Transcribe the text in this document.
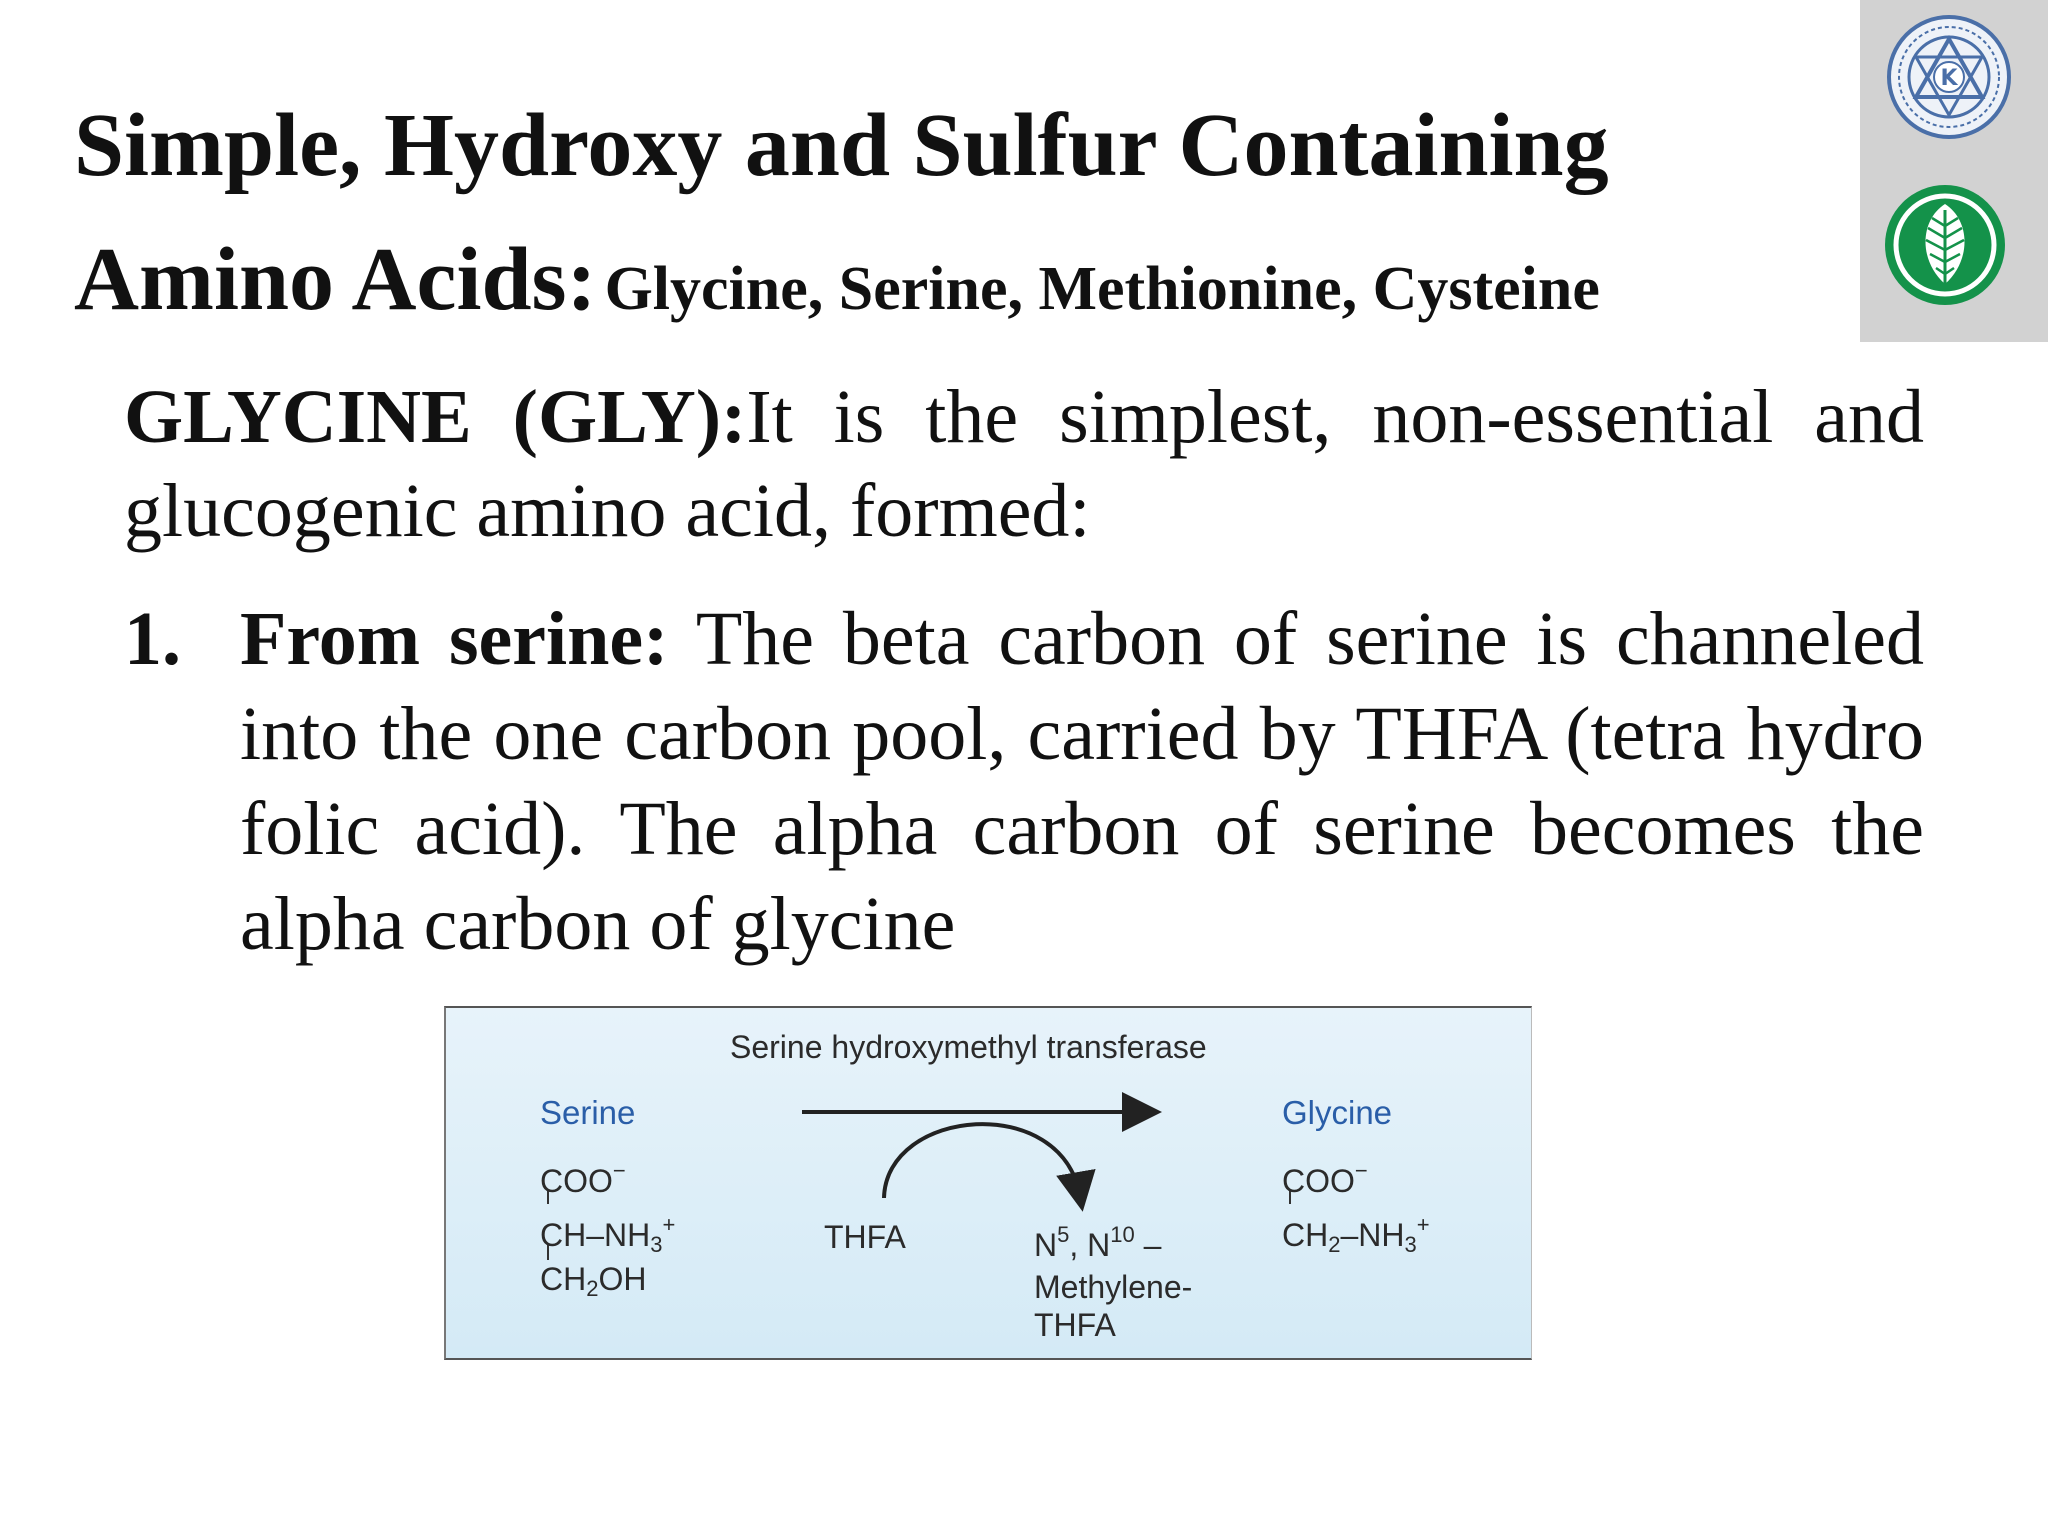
Simple, Hydroxy and Sulfur Containing
Amino Acids: Glycine, Serine, Methionine, Cysteine
K

GLYCINE (GLY):It is the simplest, non-essential and glucogenic amino acid, formed:

1. From serine: The beta carbon of serine is channeled into the one carbon pool, carried by THFA (tetra hydro folic acid). The alpha carbon of serine becomes the alpha carbon of glycine
Serine hydroxymethyl transferase
Serine
COO−
$CH-NH_3^+$
$CH_2OH$
THFA	$N^5$, $N^{10}$ –
Methylene-
THFA
Glycine
COO−
$CH_2-NH_3^+$
